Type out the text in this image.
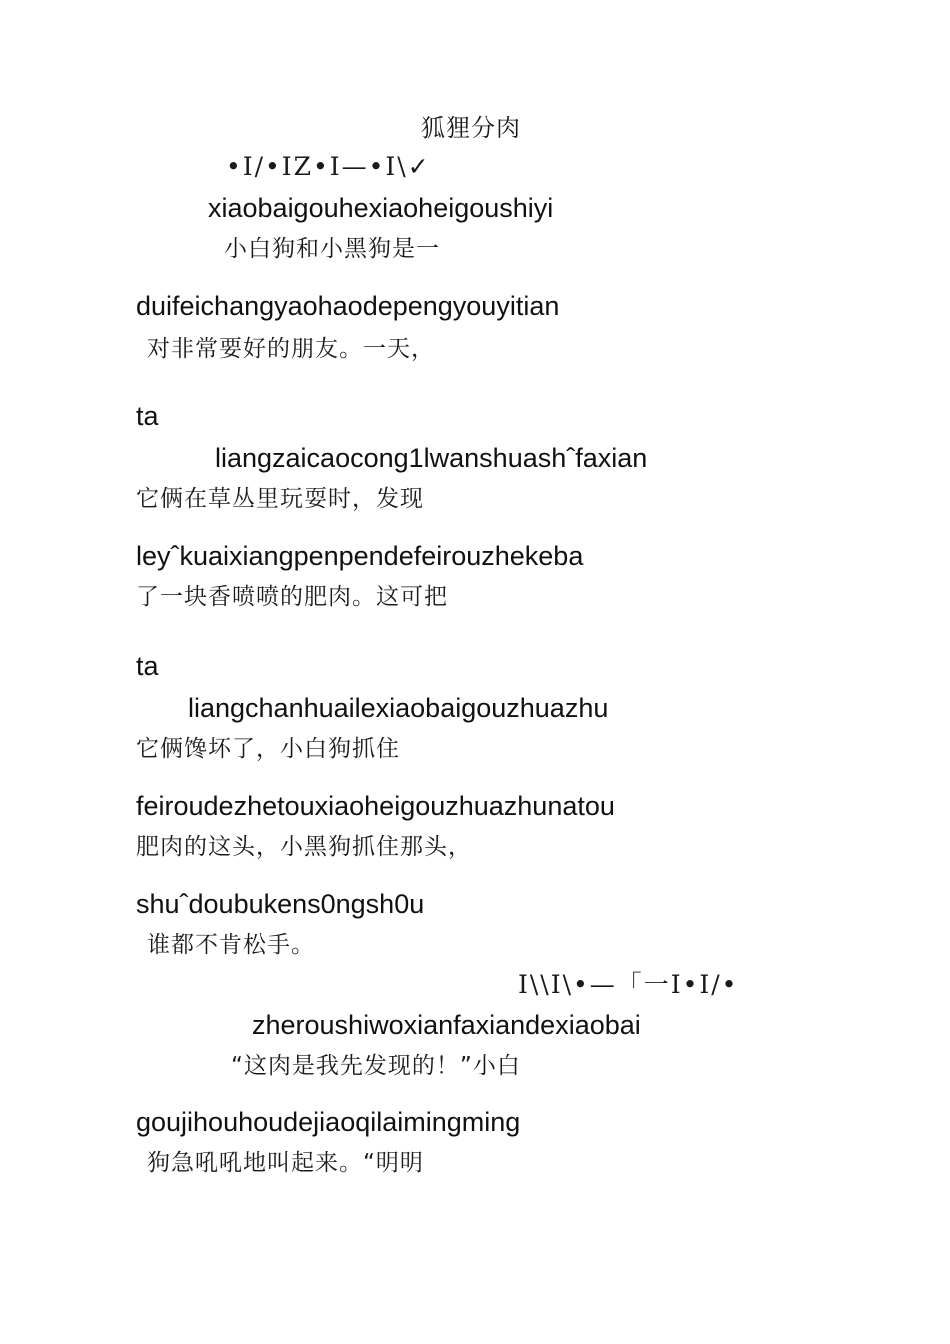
狐狸分肉
•I/•IZ•I—•I\✓
xiaobaigouhexiaoheigoushiyi
小白狗和小黑狗是一
duifeichangyaohaodepengyouyitian
对非常要好的朋友。一天，
ta
liangzaicaocong1lwanshuashˆfaxian
它俩在草丛里玩耍时，发现
leyˆkuaixiangpenpendefeirouzhekeba
了一块香喷喷的肥肉。这可把
ta
liangchanhuailexiaobaigouzhuazhu
它俩馋坏了，小白狗抓住
feiroudezhetouxiaoheigouzhuazhunatou
肥肉的这头，小黑狗抓住那头，
shuˆdoubukens0ngsh0u
谁都不肯松手。
I\\I\•—「一I•I/•
zheroushiwoxianfaxiandexiaobai
“这肉是我先发现的！”小白
goujihouhoudejiaoqilaimingming
狗急吼吼地叫起来。“明明
